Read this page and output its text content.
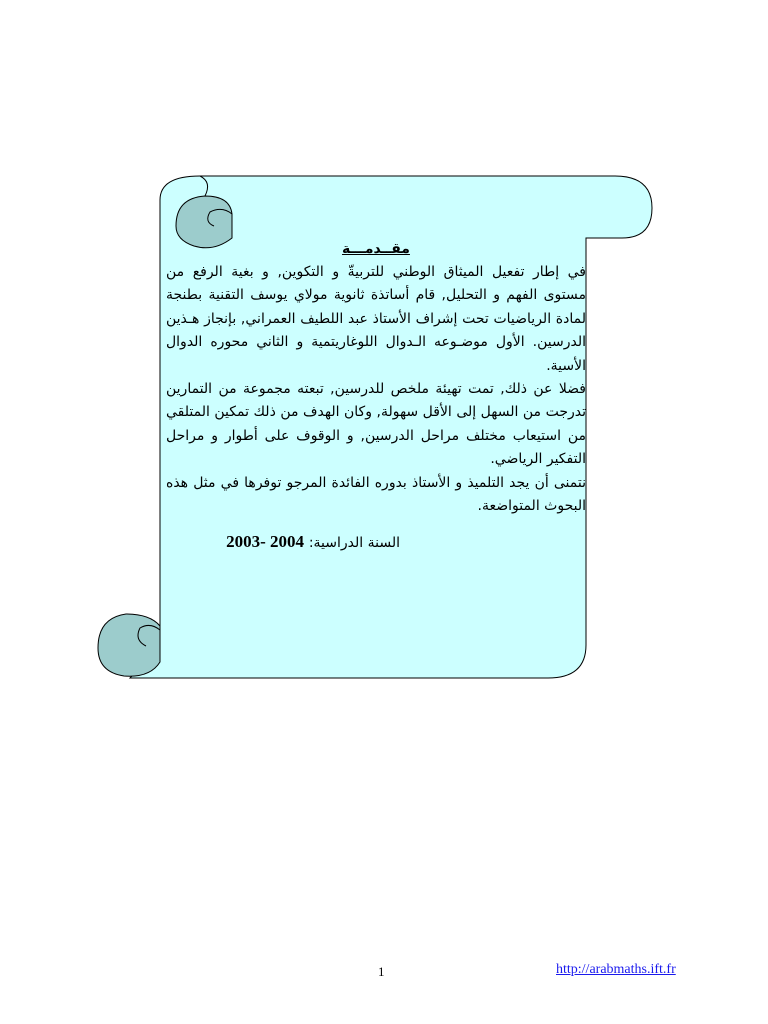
مقــدمـــة

في إطار تفعيل الميثاق الوطني للتربيةّ و التكوين, و بغية الرفع من مستوى الفهم و التحليل, قام أساتذة ثانوية مولاي يوسف التقنية بطنجة لمادة الرياضيات تحت إشراف الأستاذ عبد اللطيف العمراني, بإنجاز هـذين الدرسين. الأول موضـوعه الـدوال اللوغاريتمية و الثاني محوره الدوال الأسية.

فضلا عن ذلك, تمت تهيئة ملخص للدرسين, تبعته مجموعة من التمارين تدرجت من السهل إلى الأقل سهولة, وكان الهدف من ذلك تمكين المتلقي من استيعاب مختلف مراحل الدرسين, و الوقوف على أطوار و مراحل التفكير الرياضي.

نتمنى أن يجد التلميذ و الأستاذ بدوره الفائدة المرجو توفرها في مثل هذه البحوث المتواضعة.

السنة الدراسية: 2003- 2004
1	http://arabmaths.ift.fr
